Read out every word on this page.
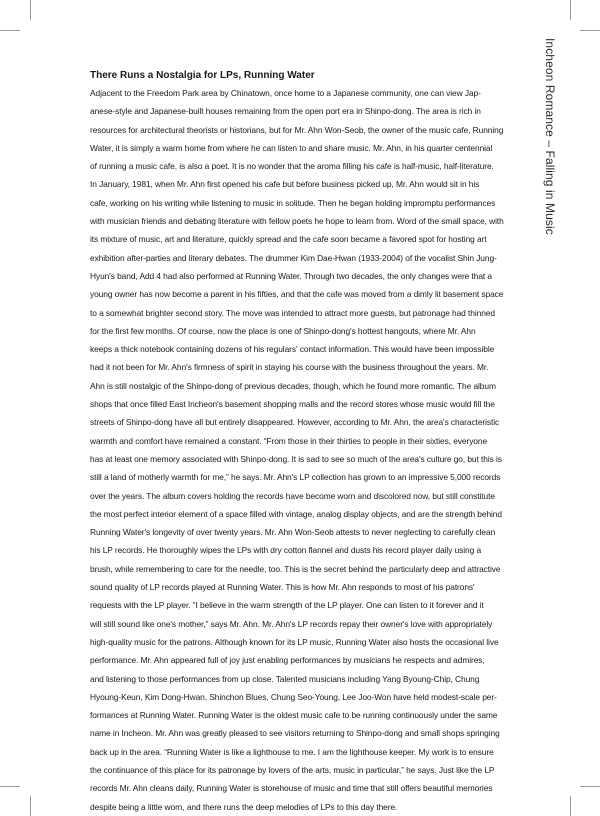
Incheon Romance – Falling in Music
There Runs a Nostalgia for LPs, Running Water
Adjacent to the Freedom Park area by Chinatown, once home to a Japanese community, one can view Jap-
anese-style and Japanese-built houses remaining from the open port era in Shinpo-dong. The area is rich in
resources for architectural theorists or historians, but for Mr. Ahn Won-Seob, the owner of the music cafe, Running
Water, it is simply a warm home from where he can listen to and share music. Mr. Ahn, in his quarter centennial
of running a music cafe, is also a poet. It is no wonder that the aroma filling his cafe is half-music, half-literature.
In January, 1981, when Mr. Ahn first opened his cafe but before business picked up, Mr. Ahn would sit in his
cafe, working on his writing while listening to music in solitude. Then he began holding impromptu performances
with musician friends and debating literature with fellow poets he hope to learn from. Word of the small space, with
its mixture of music, art and literature, quickly spread and the cafe soon became a favored spot for hosting art
exhibition after-parties and literary debates. The drummer Kim Dae-Hwan (1933-2004) of the vocalist Shin Jung-
Hyun's band, Add 4 had also performed at Running Water. Through two decades, the only changes were that a
young owner has now become a parent in his fifties, and that the cafe was moved from a dimly lit basement space
to a somewhat brighter second story. The move was intended to attract more guests, but patronage had thinned
for the first few months. Of course, now the place is one of Shinpo-dong's hottest hangouts, where Mr. Ahn
keeps a thick notebook containing dozens of his regulars' contact information. This would have been impossible
had it not been for Mr. Ahn's firmness of spirit in staying his course with the business throughout the years. Mr.
Ahn is still nostalgic of the Shinpo-dong of previous decades, though, which he found more romantic. The album
shops that once filled East Incheon's basement shopping malls and the record stores whose music would fill the
streets of Shinpo-dong have all but entirely disappeared. However, according to Mr. Ahn, the area's characteristic
warmth and comfort have remained a constant. “From those in their thirties to people in their sixties, everyone
has at least one memory associated with Shinpo-dong. It is sad to see so much of the area's culture go, but this is
still a land of motherly warmth for me,” he says. Mr. Ahn's LP collection has grown to an impressive 5,000 records
over the years. The album covers holding the records have become worn and discolored now, but still constitute
the most perfect interior element of a space filled with vintage, analog display objects, and are the strength behind
Running Water's longevity of over twenty years. Mr. Ahn Won-Seob attests to never neglecting to carefully clean
his LP records. He thoroughly wipes the LPs with dry cotton flannel and dusts his record player daily using a
brush, while remembering to care for the needle, too. This is the secret behind the particularly deep and attractive
sound quality of LP records played at Running Water. This is how Mr. Ahn responds to most of his patrons'
requests with the LP player. “I believe in the warm strength of the LP player. One can listen to it forever and it
will still sound like one's mother,” says Mr. Ahn. Mr. Ahn's LP records repay their owner's love with appropriately
high-quality music for the patrons. Although known for its LP music, Running Water also hosts the occasional live
performance. Mr. Ahn appeared full of joy just enabling performances by musicians he respects and admires,
and listening to those performances from up close. Talented musicians including Yang Byoung-Chip, Chung
Hyoung-Keun, Kim Dong-Hwan, Shinchon Blues, Chung Seo-Young, Lee Joo-Won have held modest-scale per-
formances at Running Water. Running Water is the oldest music cafe to be running continuously under the same
name in Incheon. Mr. Ahn was greatly pleased to see visitors returning to Shinpo-dong and small shops springing
back up in the area. “Running Water is like a lighthouse to me. I am the lighthouse keeper. My work is to ensure
the continuance of this place for its patronage by lovers of the arts, music in particular,” he says. Just like the LP
records Mr. Ahn cleans daily, Running Water is storehouse of music and time that still offers beautiful memories
despite being a little worn, and there runs the deep melodies of LPs to this day there.
